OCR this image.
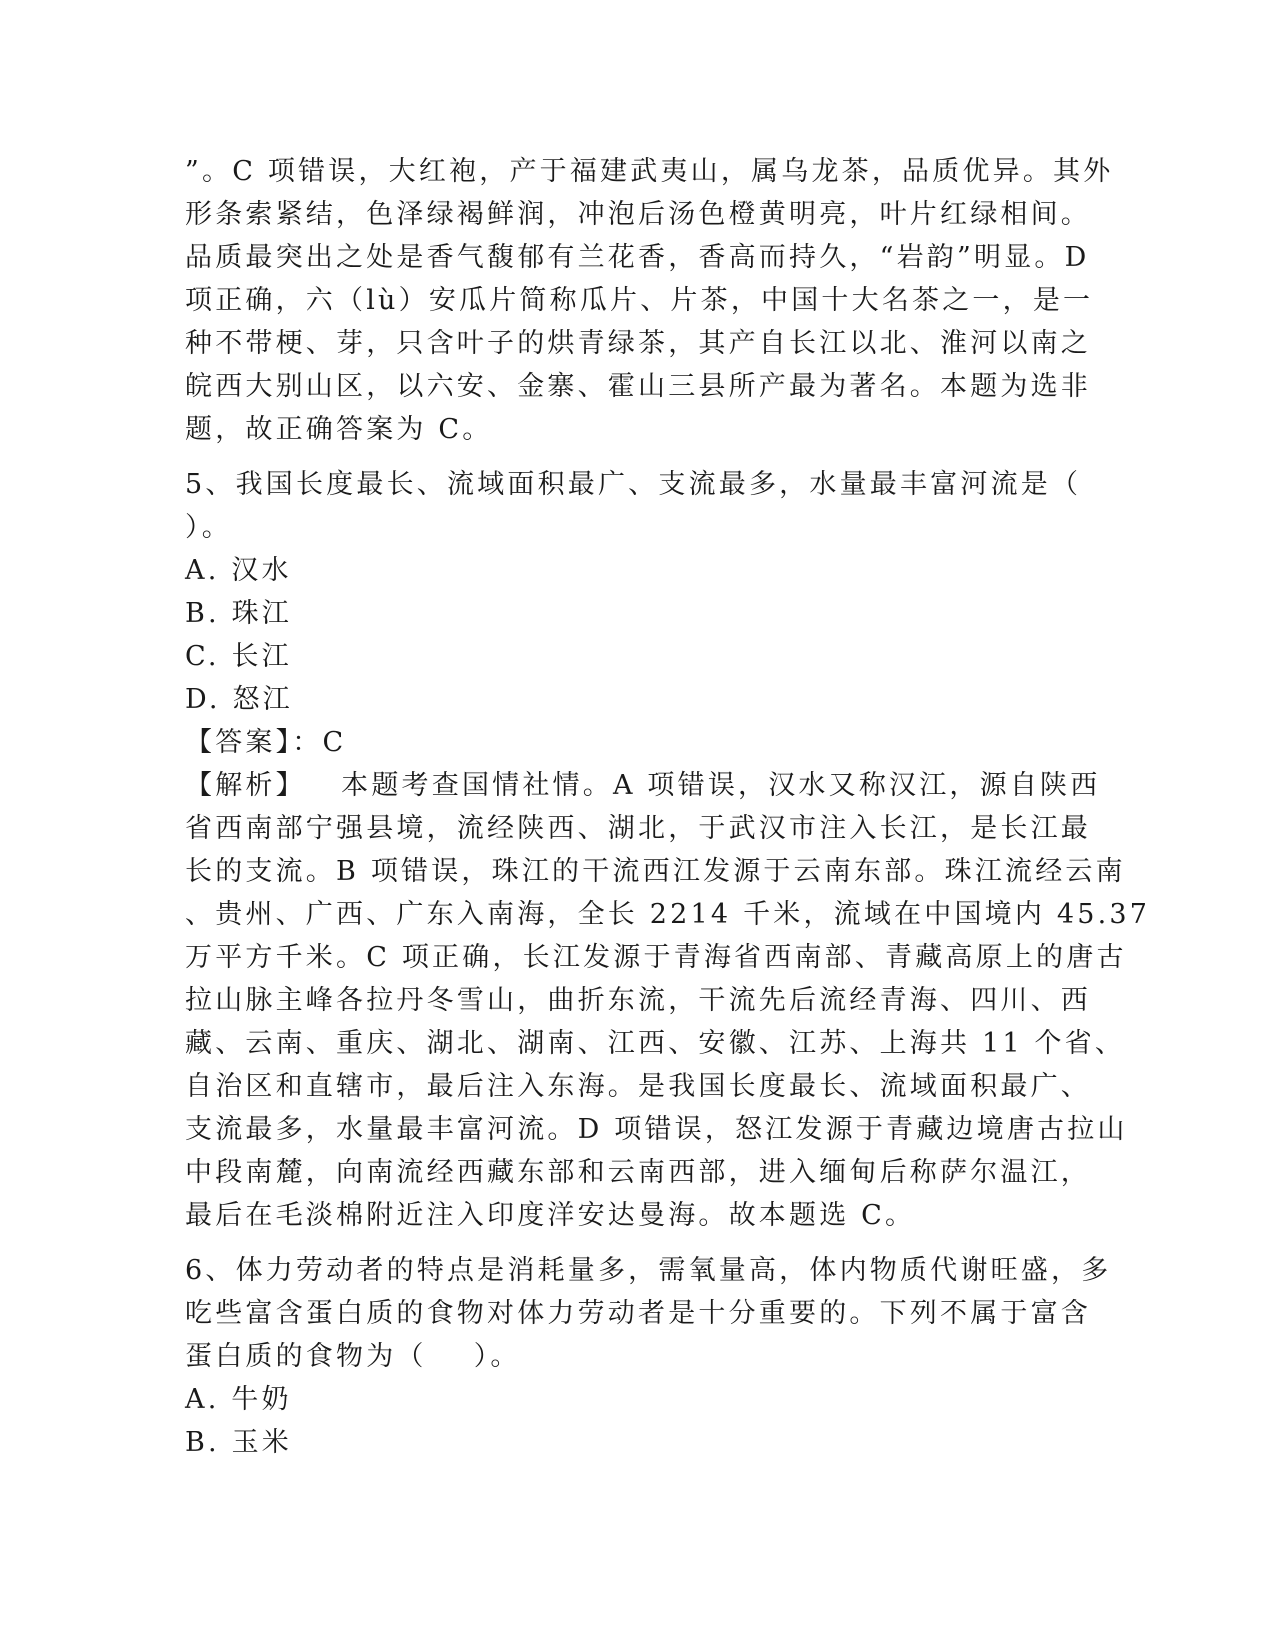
”。C 项错误，大红袍，产于福建武夷山，属乌龙茶，品质优异。其外
形条索紧结，色泽绿褐鲜润，冲泡后汤色橙黄明亮，叶片红绿相间。
品质最突出之处是香气馥郁有兰花香，香高而持久，“岩韵”明显。D
项正确，六（lù）安瓜片简称瓜片、片茶，中国十大名茶之一，是一
种不带梗、芽，只含叶子的烘青绿茶，其产自长江以北、淮河以南之
皖西大别山区，以六安、金寨、霍山三县所产最为著名。本题为选非
题，故正确答案为 C。
5、我国长度最长、流域面积最广、支流最多，水量最丰富河流是（
）。
A. 汉水
B. 珠江
C. 长江
D. 怒江
【答案】：C
【解析】   本题考查国情社情。A 项错误，汉水又称汉江，源自陕西
省西南部宁强县境，流经陕西、湖北，于武汉市注入长江，是长江最
长的支流。B 项错误，珠江的干流西江发源于云南东部。珠江流经云南
、贵州、广西、广东入南海，全长 2214 千米，流域在中国境内 45.37
万平方千米。C 项正确，长江发源于青海省西南部、青藏高原上的唐古
拉山脉主峰各拉丹冬雪山，曲折东流，干流先后流经青海、四川、西
藏、云南、重庆、湖北、湖南、江西、安徽、江苏、上海共 11 个省、
自治区和直辖市，最后注入东海。是我国长度最长、流域面积最广、
支流最多，水量最丰富河流。D 项错误，怒江发源于青藏边境唐古拉山
中段南麓，向南流经西藏东部和云南西部，进入缅甸后称萨尔温江，
最后在毛淡棉附近注入印度洋安达曼海。故本题选 C。
6、体力劳动者的特点是消耗量多，需氧量高，体内物质代谢旺盛，多
吃些富含蛋白质的食物对体力劳动者是十分重要的。下列不属于富含
蛋白质的食物为（    ）。
A. 牛奶
B. 玉米
